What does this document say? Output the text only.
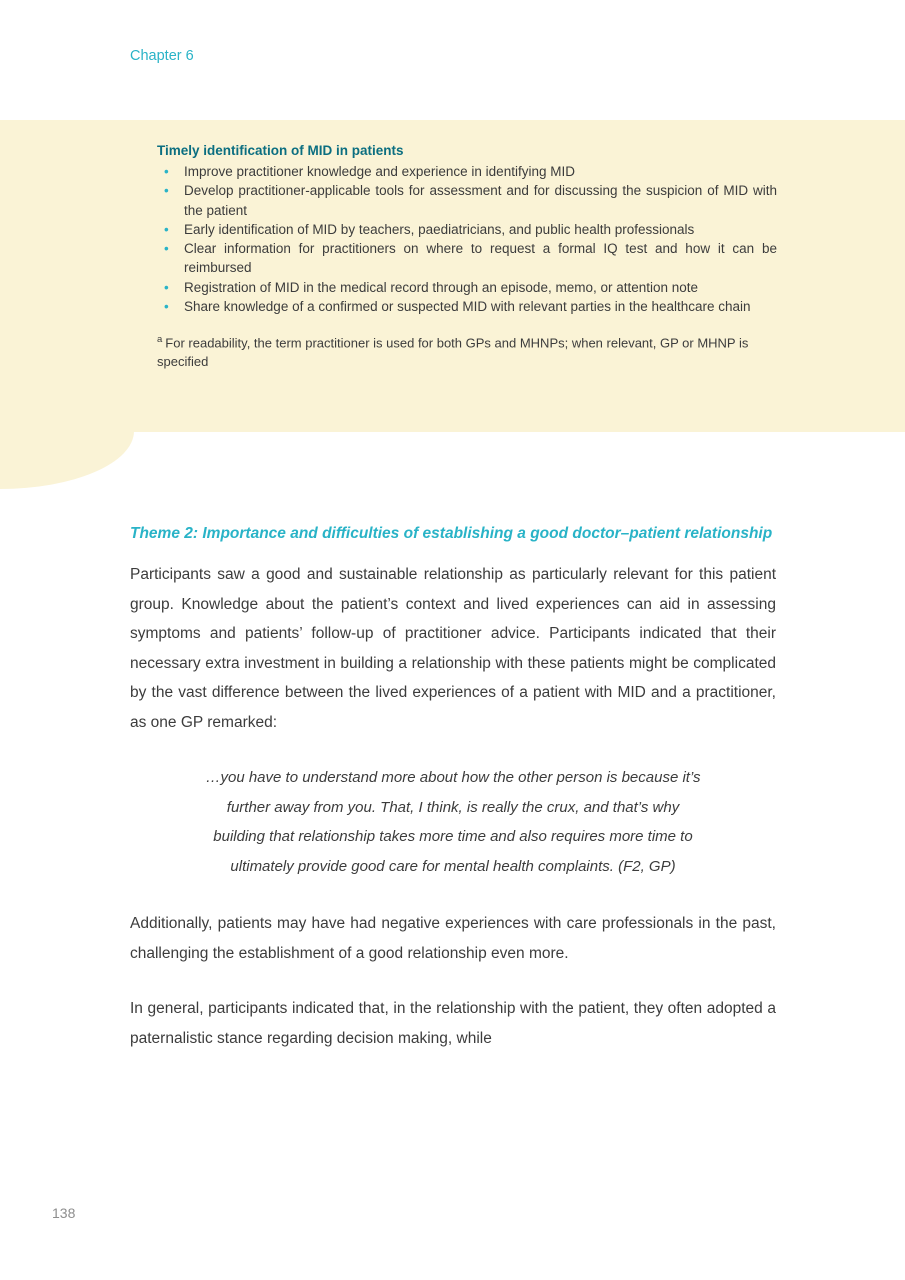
Chapter 6
Timely identification of MID in patients
• Improve practitioner knowledge and experience in identifying MID
• Develop practitioner-applicable tools for assessment and for discussing the suspicion of MID with the patient
• Early identification of MID by teachers, paediatricians, and public health professionals
• Clear information for practitioners on where to request a formal IQ test and how it can be reimbursed
• Registration of MID in the medical record through an episode, memo, or attention note
• Share knowledge of a confirmed or suspected MID with relevant parties in the healthcare chain
$^a$ For readability, the term practitioner is used for both GPs and MHNPs; when relevant, GP or MHNP is specified
Theme 2: Importance and difficulties of establishing a good doctor–patient relationship

Participants saw a good and sustainable relationship as particularly relevant for this patient group. Knowledge about the patient’s context and lived experiences can aid in assessing symptoms and patients’ follow-up of practitioner advice. Participants indicated that their necessary extra investment in building a relationship with these patients might be complicated by the vast difference between the lived experiences of a patient with MID and a practitioner, as one GP remarked:

…you have to understand more about how the other person is because it’s further away from you. That, I think, is really the crux, and that’s why building that relationship takes more time and also requires more time to ultimately provide good care for mental health complaints. (F2, GP)

Additionally, patients may have had negative experiences with care professionals in the past, challenging the establishment of a good relationship even more.

In general, participants indicated that, in the relationship with the patient, they often adopted a paternalistic stance regarding decision making, while

138
